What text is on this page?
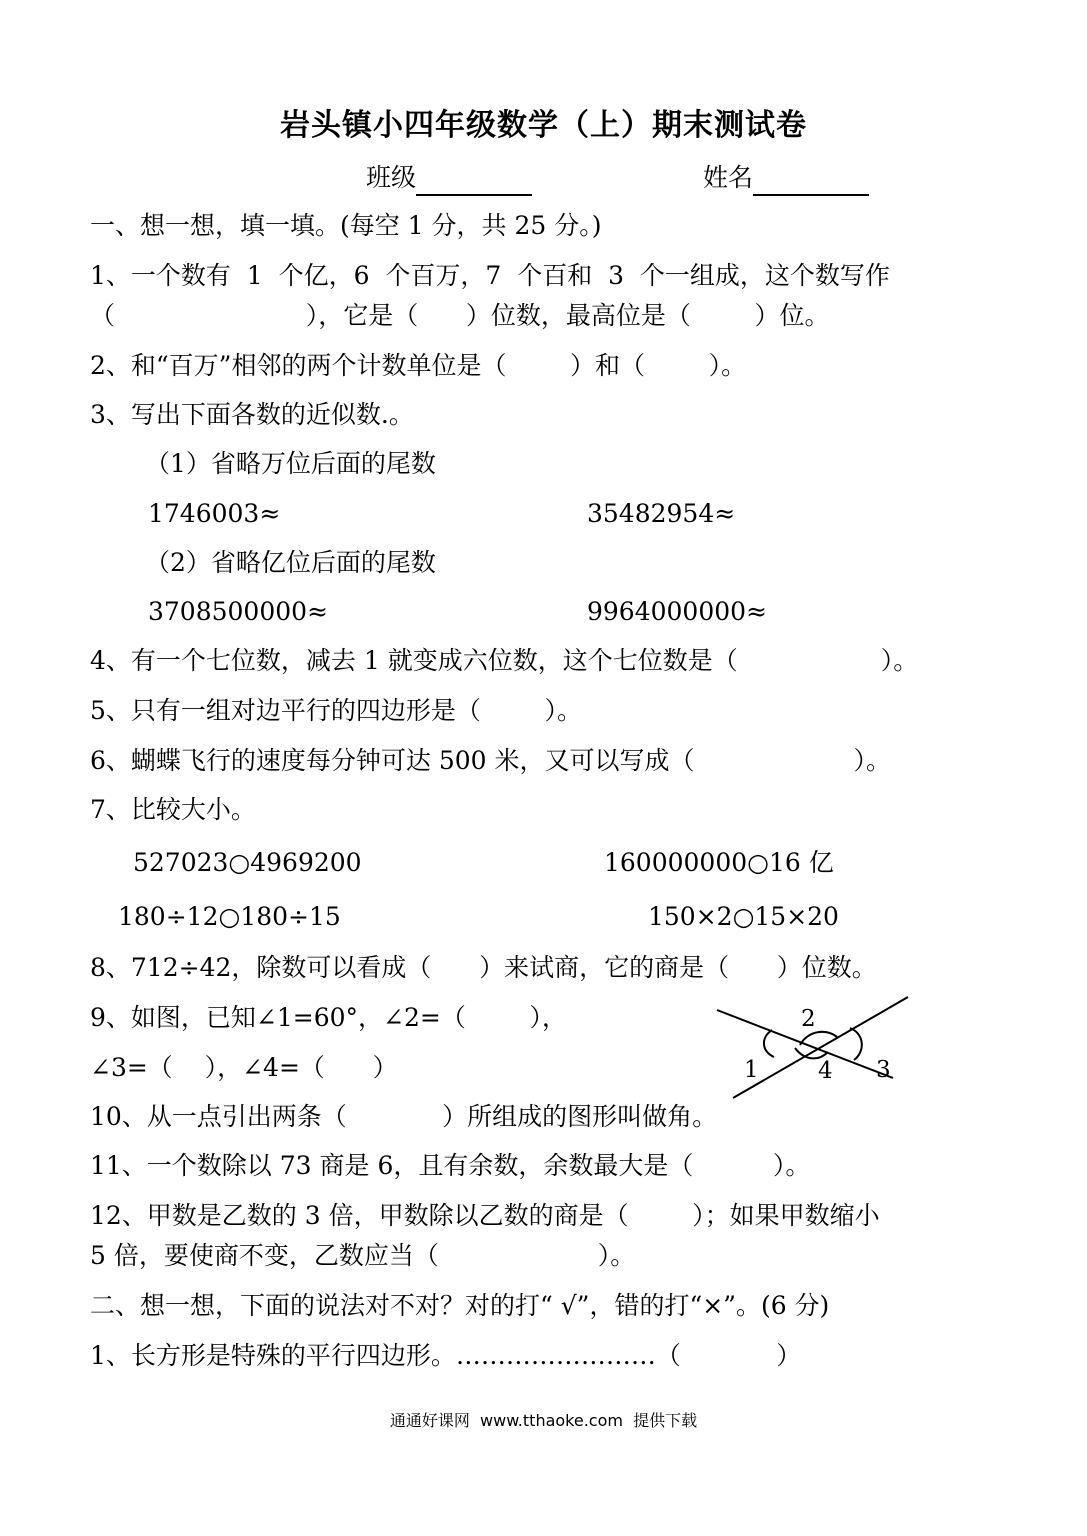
岩头镇小四年级数学（上）期末测试卷
班级	姓名
一、想一想，填一填。(每空 1 分，共 25 分。)
1、一个数有  1  个亿，6  个百万，7  个百和  3  个一组成，这个数写作
（                        ），它是（      ）位数，最高位是（        ）位。
2、和“百万”相邻的两个计数单位是（        ）和（        ）。
3、写出下面各数的近似数.。
（1）省略万位后面的尾数
1746003≈	35482954≈
（2）省略亿位后面的尾数
3708500000≈	9964000000≈
4、有一个七位数，减去 1 就变成六位数，这个七位数是（                  ）。
5、只有一组对边平行的四边形是（        ）。
6、蝴蝶飞行的速度每分钟可达 500 米，又可以写成（                    ）。
7、比较大小。
527023○4969200	160000000○16 亿
180÷12○180÷15	150×2○15×20
8、712÷42，除数可以看成（      ）来试商，它的商是（      ）位数。
9、如图，已知∠1=60°，∠2=（        ），
∠3=（    ），∠4=（      ）
2
1	4 3
10、从一点引出两条（            ）所组成的图形叫做角。
11、一个数除以 73 商是 6，且有余数，余数最大是（          ）。
12、甲数是乙数的 3 倍，甲数除以乙数的商是（        ）；如果甲数缩小
5 倍，要使商不变，乙数应当（                    ）。
二、想一想，下面的说法对不对？对的打“ √”，错的打“×”。(6 分)
1、长方形是特殊的平行四边形。……………………（            ）
通通好课网  www.tthaoke.com  提供下载
